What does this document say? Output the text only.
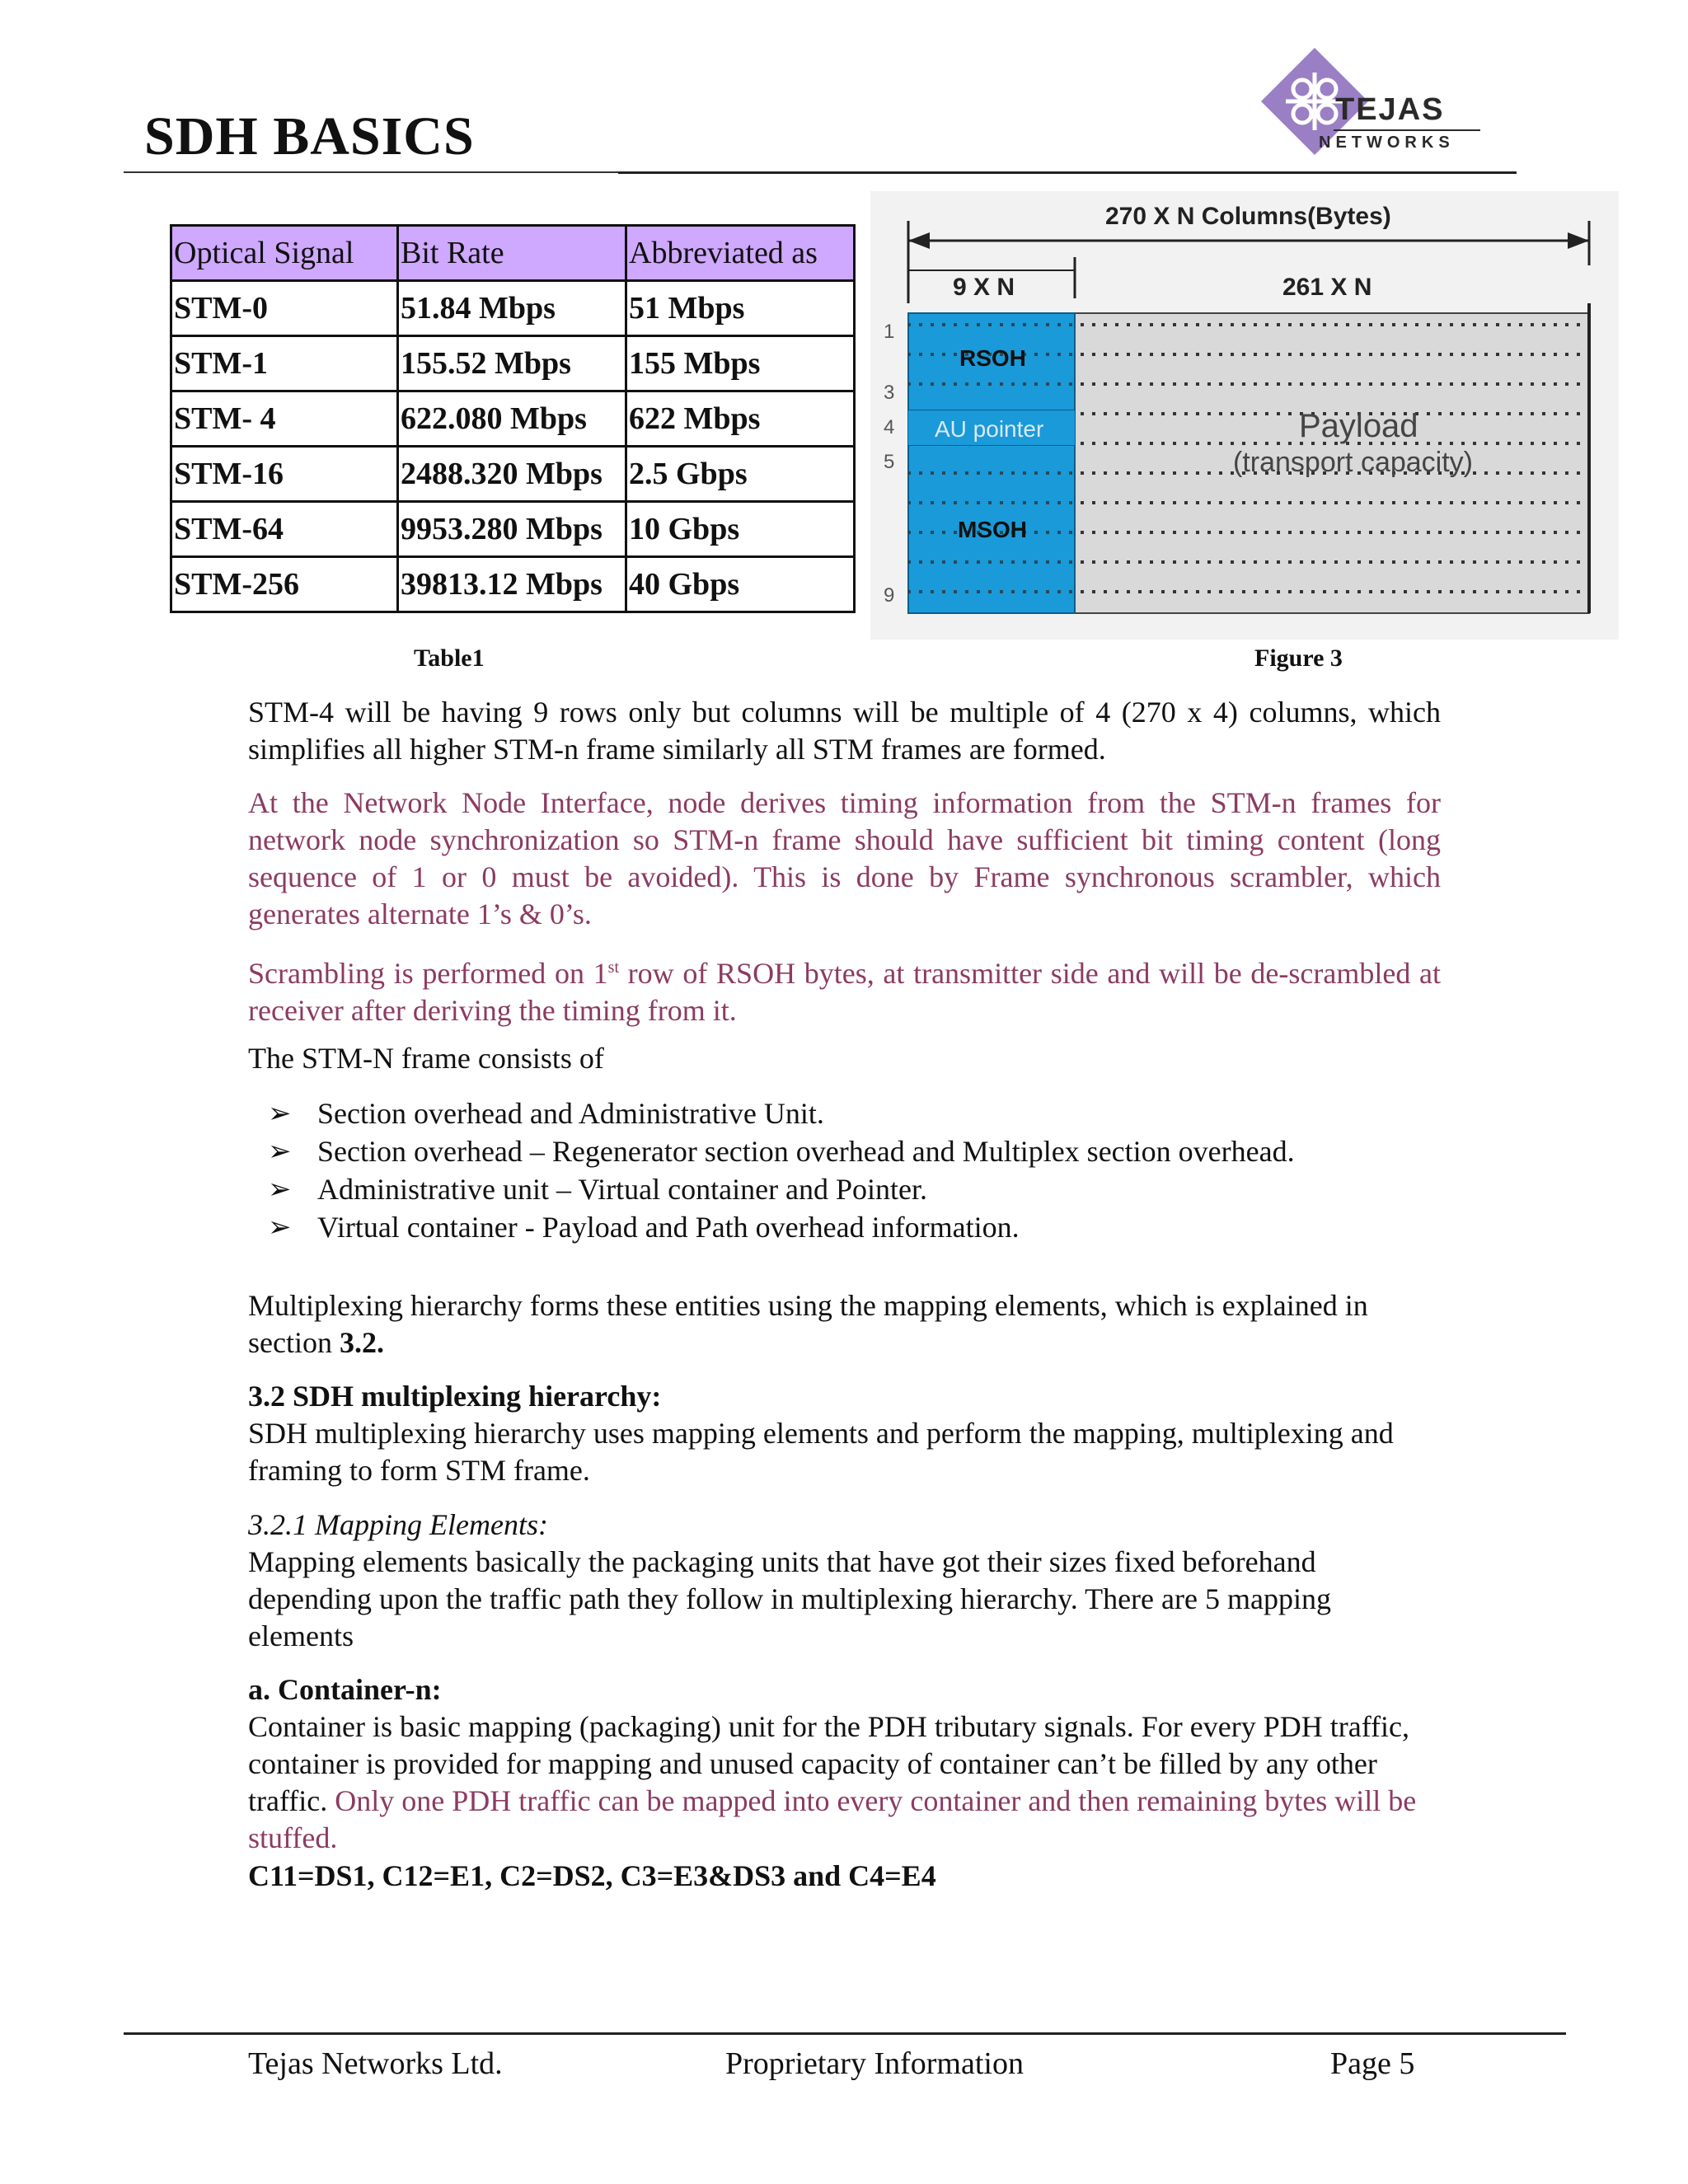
SDH BASICS	TEJAS
NETWORKS
Optical Signal	Bit Rate	Abbreviated as
STM-0	51.84 Mbps	51 Mbps
STM-1	155.52 Mbps	155 Mbps
STM- 4	622.080 Mbps	622 Mbps
STM-16	2488.320 Mbps	2.5 Gbps
STM-64	9953.280 Mbps	10 Gbps
STM-256	39813.12 Mbps	40 Gbps
Table1
270 X N Columns(Bytes)
9 X N	261 X N
RSOH
AU pointer
MSOH
Payload
(transport capacity)
1
3
4
5
9
Figure 3
STM-4 will be having 9 rows only but columns will be multiple of 4 (270 x 4) columns, which simplifies all higher STM-n frame similarly all STM frames are formed.
At the Network Node Interface, node derives timing information from the STM-n frames for network node synchronization so STM-n frame should have sufficient bit timing content (long sequence of 1 or 0 must be avoided). This is done by Frame synchronous scrambler, which generates alternate 1’s & 0’s.
Scrambling is performed on 1st row of RSOH bytes, at transmitter side and will be de-scrambled at receiver after deriving the timing from it.
The STM-N frame consists of
➢ Section overhead and Administrative Unit.
➢ Section overhead – Regenerator section overhead and Multiplex section overhead.
➢ Administrative unit – Virtual container and Pointer.
➢ Virtual container - Payload and Path overhead information.
Multiplexing hierarchy forms these entities using the mapping elements, which is explained in section 3.2.
3.2 SDH multiplexing hierarchy:
SDH multiplexing hierarchy uses mapping elements and perform the mapping, multiplexing and framing to form STM frame.
3.2.1 Mapping Elements:
Mapping elements basically the packaging units that have got their sizes fixed beforehand depending upon the traffic path they follow in multiplexing hierarchy. There are 5 mapping elements
a. Container-n:
Container is basic mapping (packaging) unit for the PDH tributary signals. For every PDH traffic, container is provided for mapping and unused capacity of container can’t be filled by any other traffic. Only one PDH traffic can be mapped into every container and then remaining bytes will be stuffed.
C11=DS1, C12=E1, C2=DS2, C3=E3&DS3 and C4=E4
Tejas Networks Ltd.	Proprietary Information	Page 5
